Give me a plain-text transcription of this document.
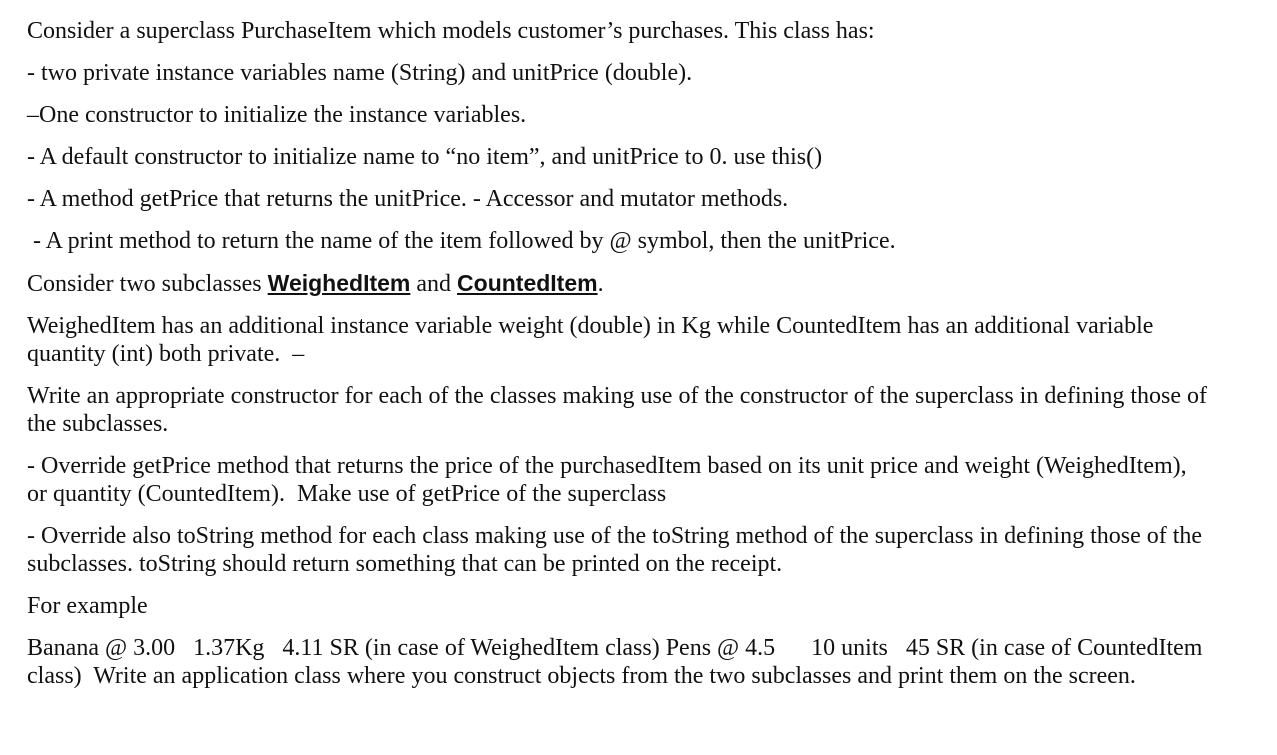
Consider a superclass PurchaseItem which models customer’s purchases. This class has:

- two private instance variables name (String) and unitPrice (double).

–One constructor to initialize the instance variables.

- A default constructor to initialize name to “no item”, and unitPrice to 0. use this()

- A method getPrice that returns the unitPrice. - Accessor and mutator methods.

- A print method to return the name of the item followed by @ symbol, then the unitPrice.

Consider two subclasses WeighedItem and CountedItem.

WeighedItem has an additional instance variable weight (double) in Kg while CountedItem has an additional variable quantity (int) both private.  –

Write an appropriate constructor for each of the classes making use of the constructor of the superclass in defining those of the subclasses.

- Override getPrice method that returns the price of the purchasedItem based on its unit price and weight (WeighedItem), or quantity (CountedItem).  Make use of getPrice of the superclass

- Override also toString method for each class making use of the toString method of the superclass in defining those of the subclasses. toString should return something that can be printed on the receipt.

For example

Banana @ 3.00   1.37Kg   4.11 SR (in case of WeighedItem class) Pens @ 4.5      10 units   45 SR (in case of CountedItem class)  Write an application class where you construct objects from the two subclasses and print them on the screen.
